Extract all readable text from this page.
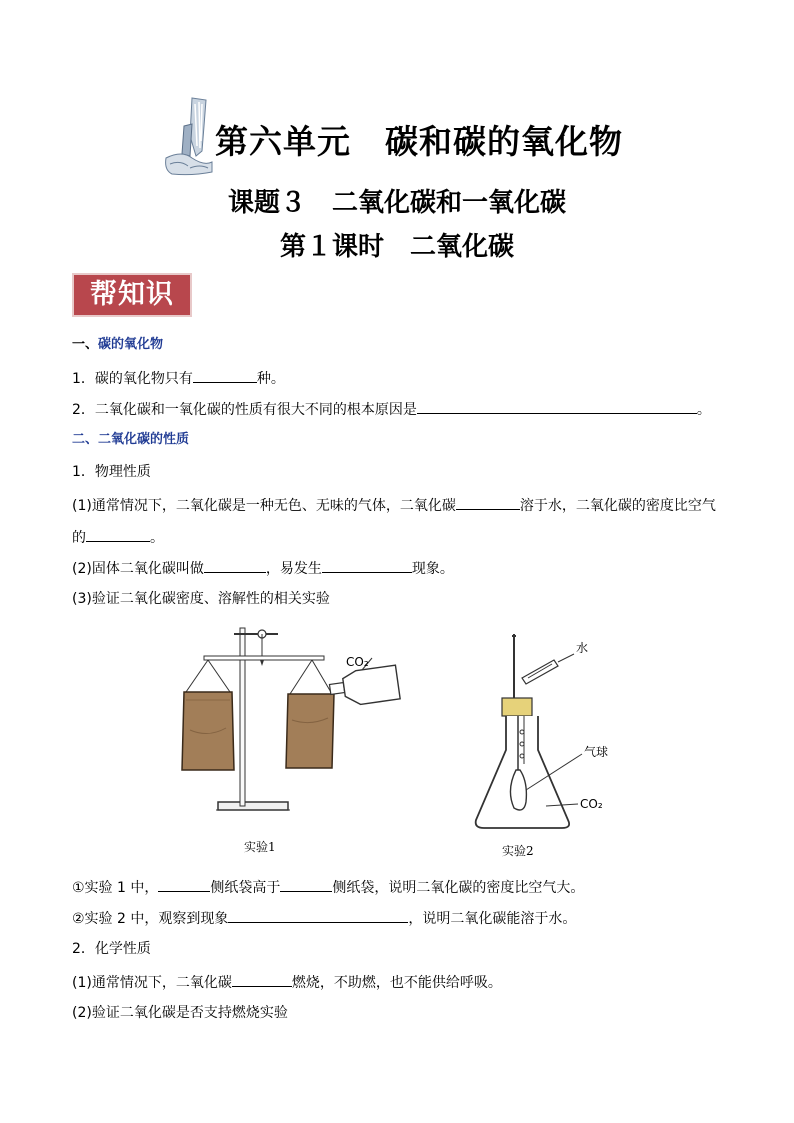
第六单元　碳和碳的氧化物
课题３　二氧化碳和一氧化碳
第１课时　二氧化碳
帮知识
一、碳的氧化物
1．碳的氧化物只有	种。
2．二氧化碳和一氧化碳的性质有很大不同的根本原因是	。
二、二氧化碳的性质
1．物理性质
(1)通常情况下，二氧化碳是一种无色、无味的气体，二氧化碳	溶于水，二氧化碳的密度比空气
的	。
(2)固体二氧化碳叫做	，易发生	现象。
(3)验证二氧化碳密度、溶解性的相关实验
CO₂
实验1
水
气球
CO₂
实验2
①实验 1 中，	侧纸袋高于	侧纸袋，说明二氧化碳的密度比空气大。
②实验 2 中，观察到现象	，说明二氧化碳能溶于水。
2．化学性质
(1)通常情况下，二氧化碳	燃烧，不助燃，也不能供给呼吸。
(2)验证二氧化碳是否支持燃烧实验
